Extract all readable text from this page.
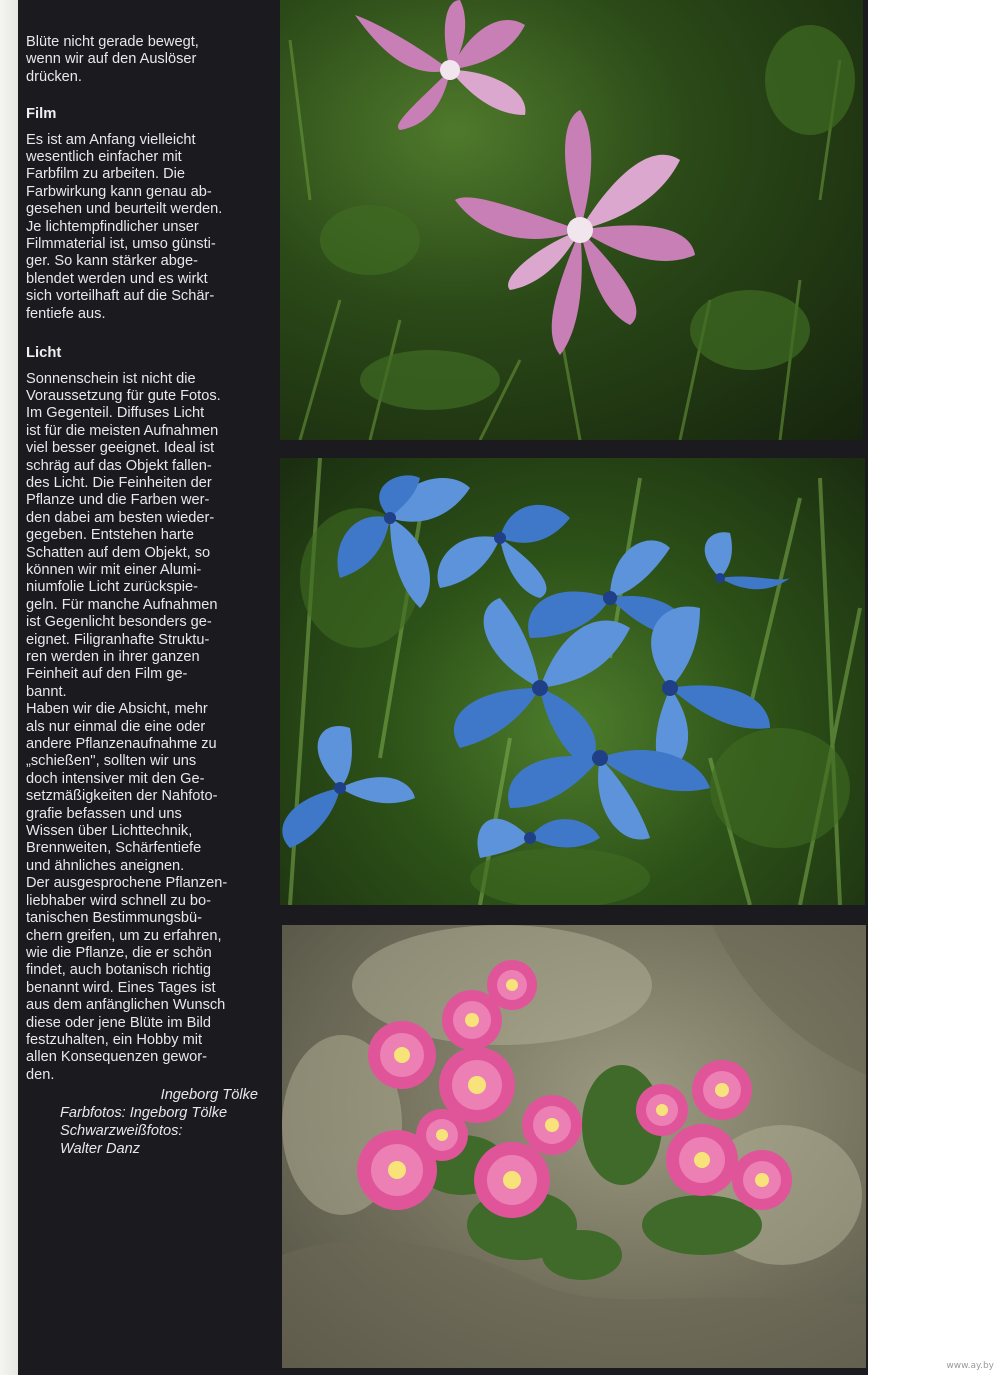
Blüte nicht gerade bewegt,
wenn wir auf den Auslöser
drücken.

Film

Es ist am Anfang vielleicht
wesentlich einfacher mit
Farbfilm zu arbeiten. Die
Farbwirkung kann genau ab-
gesehen und beurteilt werden.
Je lichtempfindlicher unser
Filmmaterial ist, umso günsti-
ger. So kann stärker abge-
blendet werden und es wirkt
sich vorteilhaft auf die Schär-
fentiefe aus.

Licht

Sonnenschein ist nicht die
Voraussetzung für gute Fotos.
Im Gegenteil. Diffuses Licht
ist für die meisten Aufnahmen
viel besser geeignet. Ideal ist
schräg auf das Objekt fallen-
des Licht. Die Feinheiten der
Pflanze und die Farben wer-
den dabei am besten wieder-
gegeben. Entstehen harte
Schatten auf dem Objekt, so
können wir mit einer Alumi-
niumfolie Licht zurückspie-
geln. Für manche Aufnahmen
ist Gegenlicht besonders ge-
eignet. Filigranhafte Struktu-
ren werden in ihrer ganzen
Feinheit auf den Film ge-
bannt.

Haben wir die Absicht, mehr
als nur einmal die eine oder
andere Pflanzenaufnahme zu
„schießen'', sollten wir uns
doch intensiver mit den Ge-
setzmäßigkeiten der Nahfoto-
grafie befassen und uns
Wissen über Lichttechnik,
Brennweiten, Schärfentiefe
und ähnliches aneignen.

Der ausgesprochene Pflanzen-
liebhaber wird schnell zu bo-
tanischen Bestimmungsbü-
chern greifen, um zu erfahren,
wie die Pflanze, die er schön
findet, auch botanisch richtig
benannt wird. Eines Tages ist
aus dem anfänglichen Wunsch
diese oder jene Blüte im Bild
festzuhalten, ein Hobby mit
allen Konsequenzen gewor-
den.

Ingeborg Tölke
Farbfotos: Ingeborg Tölke
Schwarzweißfotos:
Walter Danz
www.ay.by
